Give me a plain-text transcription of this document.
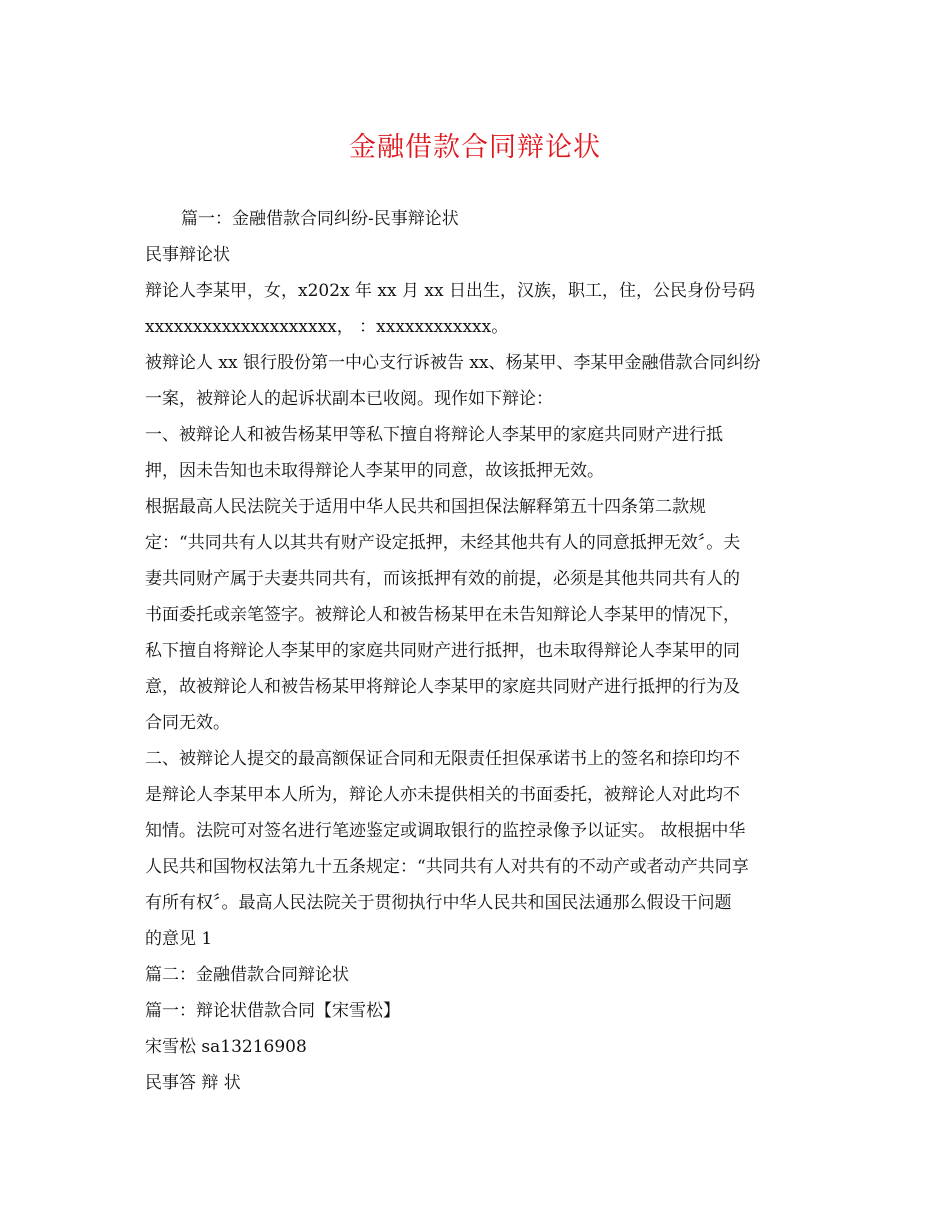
金融借款合同辩论状
篇一：金融借款合同纠纷-民事辩论状
民事辩论状
辩论人李某甲，女，x202x 年 xx 月 xx 日出生，汉族，职工，住，公民身份号码
xxxxxxxxxxxxxxxxxxxx， ：xxxxxxxxxxxx。
被辩论人 xx 银行股份第一中心支行诉被告 xx、杨某甲、李某甲金融借款合同纠纷
一案，被辩论人的起诉状副本已收阅。现作如下辩论：
一、被辩论人和被告杨某甲等私下擅自将辩论人李某甲的家庭共同财产进行抵
押，因未告知也未取得辩论人李某甲的同意，故该抵押无效。
根据最高人民法院关于适用中华人民共和国担保法解释第五十四条第二款规
定：“共同共有人以其共有财产设定抵押，未经其他共有人的同意抵押无效〞。夫
妻共同财产属于夫妻共同共有，而该抵押有效的前提，必须是其他共同共有人的
书面委托或亲笔签字。被辩论人和被告杨某甲在未告知辩论人李某甲的情况下，
私下擅自将辩论人李某甲的家庭共同财产进行抵押，也未取得辩论人李某甲的同
意，故被辩论人和被告杨某甲将辩论人李某甲的家庭共同财产进行抵押的行为及
合同无效。
二、被辩论人提交的最高额保证合同和无限责任担保承诺书上的签名和捺印均不
是辩论人李某甲本人所为，辩论人亦未提供相关的书面委托，被辩论人对此均不
知情。法院可对签名进行笔迹鉴定或调取银行的监控录像予以证实。 故根据中华
人民共和国物权法第九十五条规定：“共同共有人对共有的不动产或者动产共同享
有所有权〞。最高人民法院关于贯彻执行中华人民共和国民法通那么假设干问题
的意见 1
篇二：金融借款合同辩论状
篇一：辩论状借款合同【宋雪松】
宋雪松 sa13216908
民事答 辩 状
